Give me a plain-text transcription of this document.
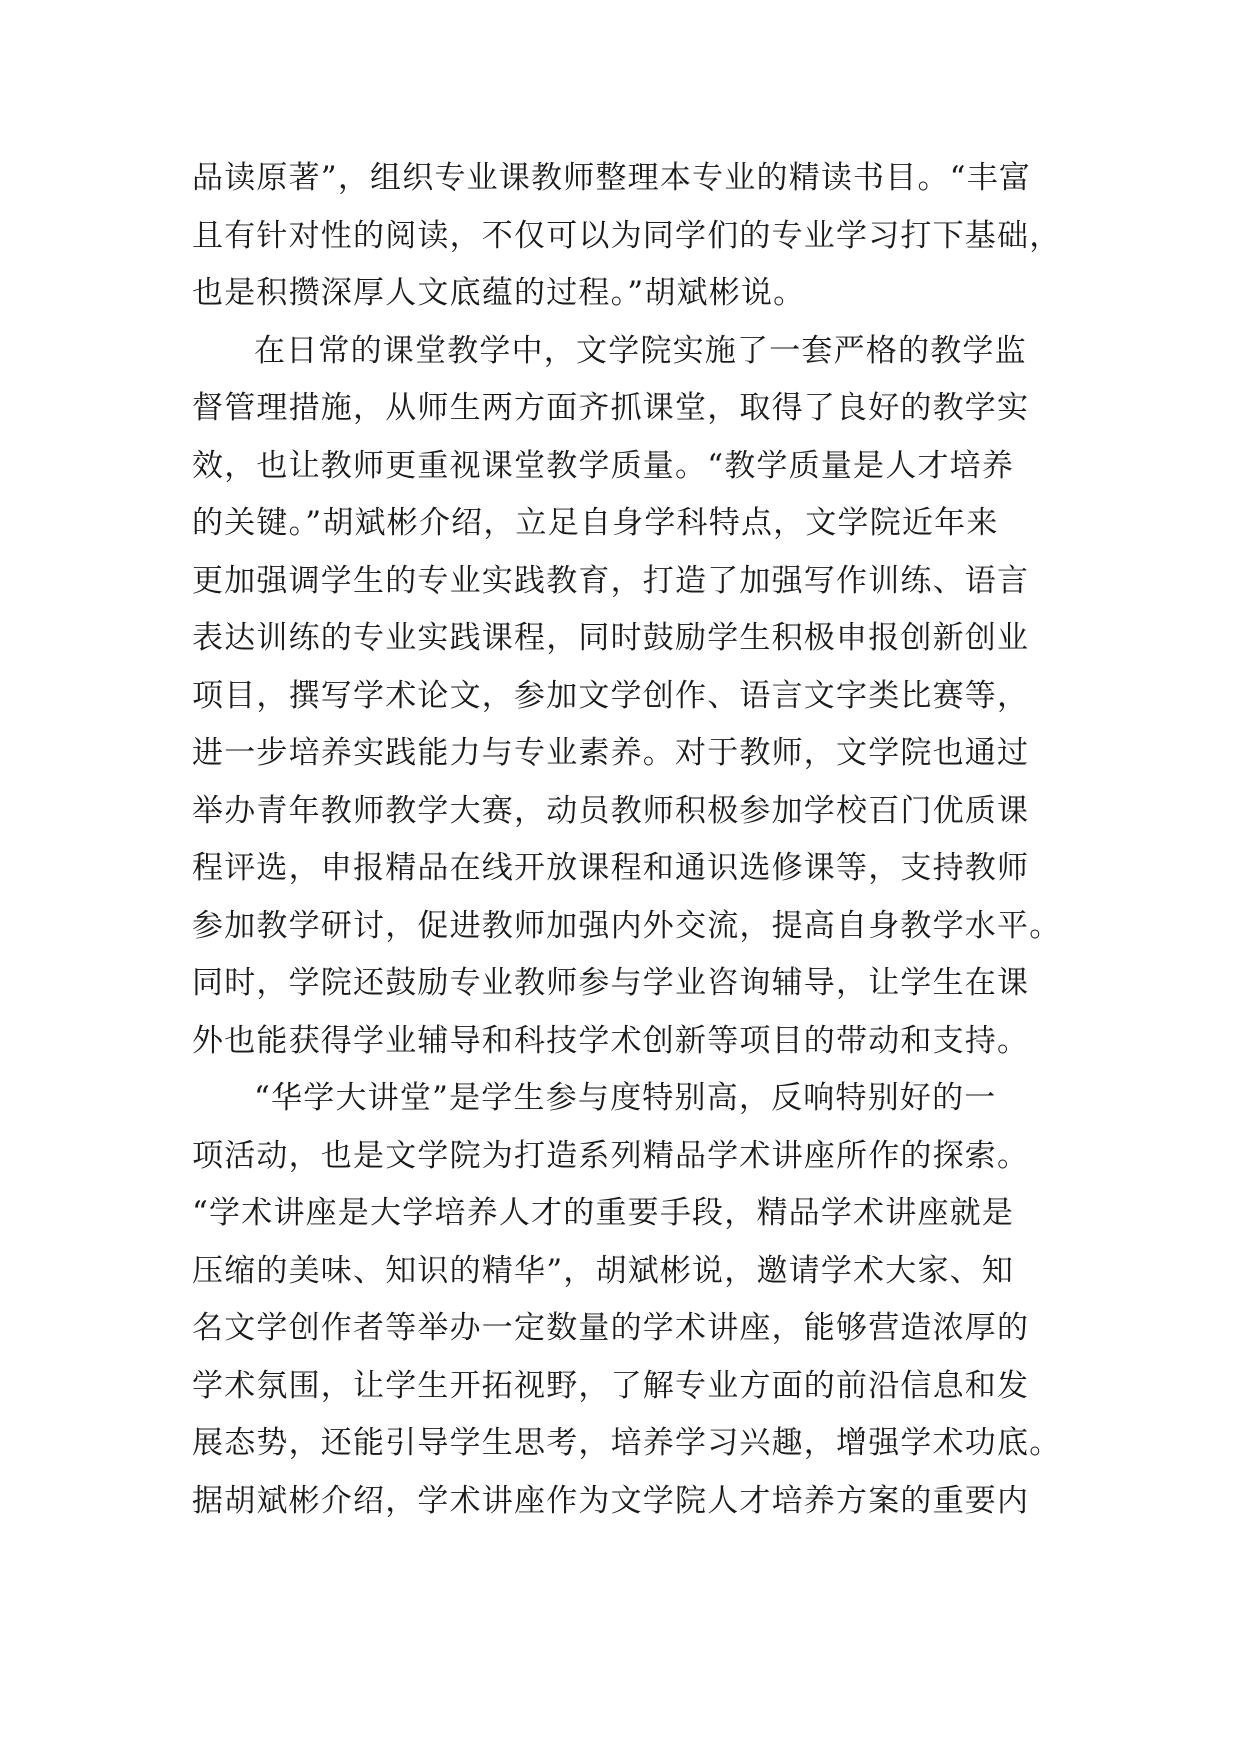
品读原著”，组织专业课教师整理本专业的精读书目。“丰富
且有针对性的阅读，不仅可以为同学们的专业学习打下基础，
也是积攒深厚人文底蕴的过程。”胡斌彬说。
在日常的课堂教学中，文学院实施了一套严格的教学监
督管理措施，从师生两方面齐抓课堂，取得了良好的教学实
效，也让教师更重视课堂教学质量。“教学质量是人才培养
的关键。”胡斌彬介绍，立足自身学科特点，文学院近年来
更加强调学生的专业实践教育，打造了加强写作训练、语言
表达训练的专业实践课程，同时鼓励学生积极申报创新创业
项目，撰写学术论文，参加文学创作、语言文字类比赛等，
进一步培养实践能力与专业素养。对于教师，文学院也通过
举办青年教师教学大赛，动员教师积极参加学校百门优质课
程评选，申报精品在线开放课程和通识选修课等，支持教师
参加教学研讨，促进教师加强内外交流，提高自身教学水平。
同时，学院还鼓励专业教师参与学业咨询辅导，让学生在课
外也能获得学业辅导和科技学术创新等项目的带动和支持。
“华学大讲堂”是学生参与度特别高，反响特别好的一
项活动，也是文学院为打造系列精品学术讲座所作的探索。
“学术讲座是大学培养人才的重要手段，精品学术讲座就是
压缩的美味、知识的精华”，胡斌彬说，邀请学术大家、知
名文学创作者等举办一定数量的学术讲座，能够营造浓厚的
学术氛围，让学生开拓视野，了解专业方面的前沿信息和发
展态势，还能引导学生思考，培养学习兴趣，增强学术功底。
据胡斌彬介绍，学术讲座作为文学院人才培养方案的重要内
